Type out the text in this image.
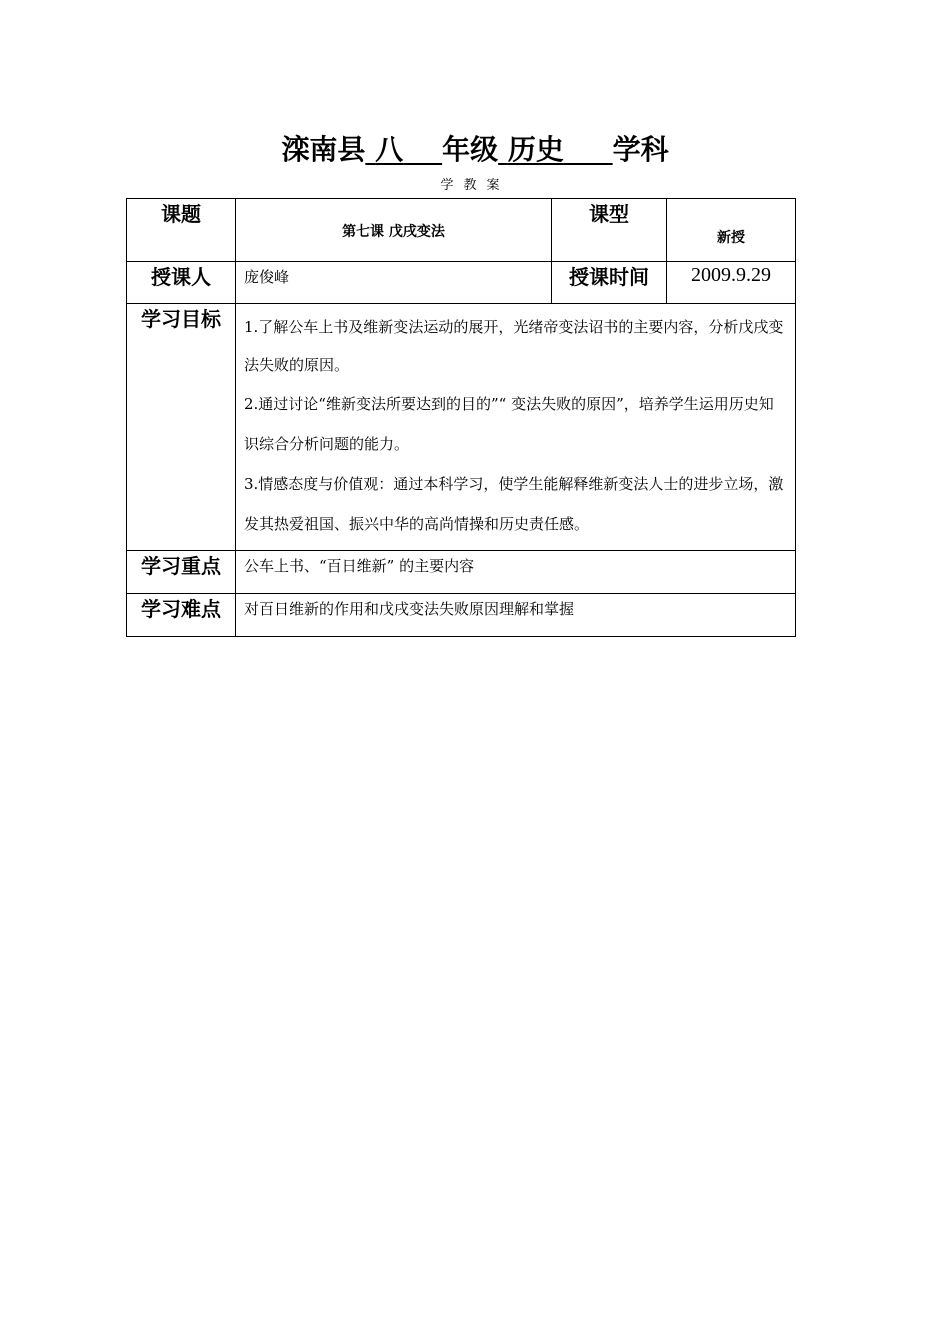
滦南县 八 年级 历史 学科
学教案
课题	第七课 戊戌变法	课型	新授
授课人	庞俊峰	授课时间	2009.9.29
学习目标	1.了解公车上书及维新变法运动的展开，光绪帝变法诏书的主要内容，分析戊戌变法失败的原因。

2.通过讨论“维新变法所要达到的目的”“ 变法失败的原因”，培养学生运用历史知识综合分析问题的能力。

3.情感态度与价值观：通过本科学习，使学生能解释维新变法人士的进步立场，激发其热爱祖国、振兴中华的高尚情操和历史责任感。		

学习重点	公车上书、“百日维新” 的主要内容		
学习难点	对百日维新的作用和戊戌变法失败原因理解和掌握		
